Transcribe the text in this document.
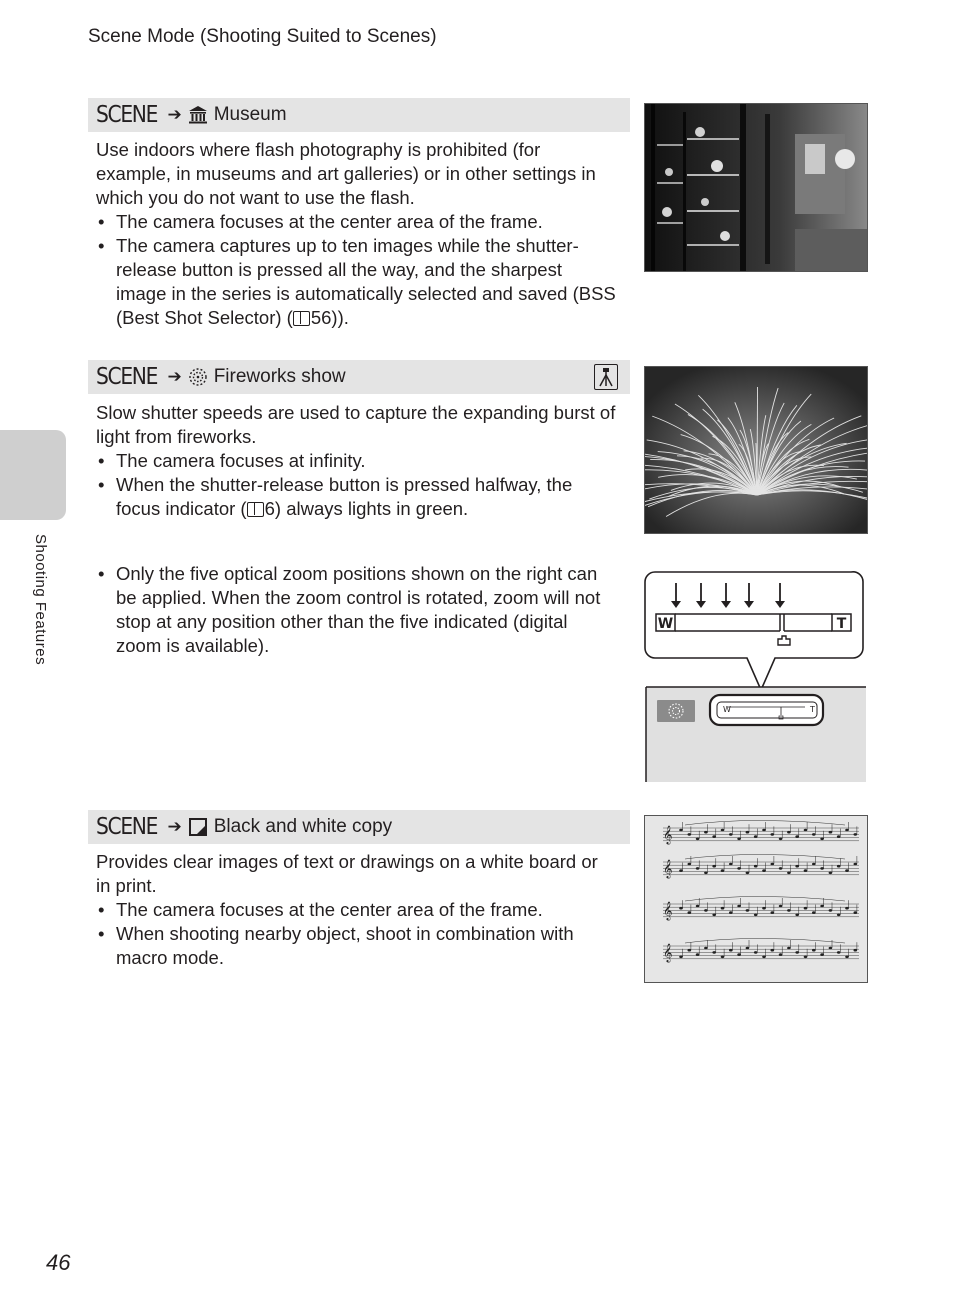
Scene Mode (Shooting Suited to Scenes)
Shooting Features
SCENE ➔ Museum

Use indoors where flash photography is prohibited (for example, in museums and art galleries) or in other settings in which you do not want to use the flash.

• The camera focuses at the center area of the frame.
• The camera captures up to ten images while the shutter-release button is pressed all the way, and the sharpest image in the series is automatically selected and saved (BSS (Best Shot Selector) ( 56)).
SCENE ➔ Fireworks show

Slow shutter speeds are used to capture the expanding burst of light from fireworks.

• The camera focuses at infinity.
• When the shutter-release button is pressed halfway, the focus indicator ( 6) always lights in green.
• Only the five optical zoom positions shown on the right can be applied. When the zoom control is rotated, zoom will not stop at any position other than the five indicated (digital zoom is available).
W	T
W	T
SCENE ➔ Black and white copy

Provides clear images of text or drawings on a white board or in print.

• The camera focuses at the center area of the frame.
• When shooting nearby object, shoot in combination with macro mode.
𝄞
𝄞
𝄞
𝄞
46
